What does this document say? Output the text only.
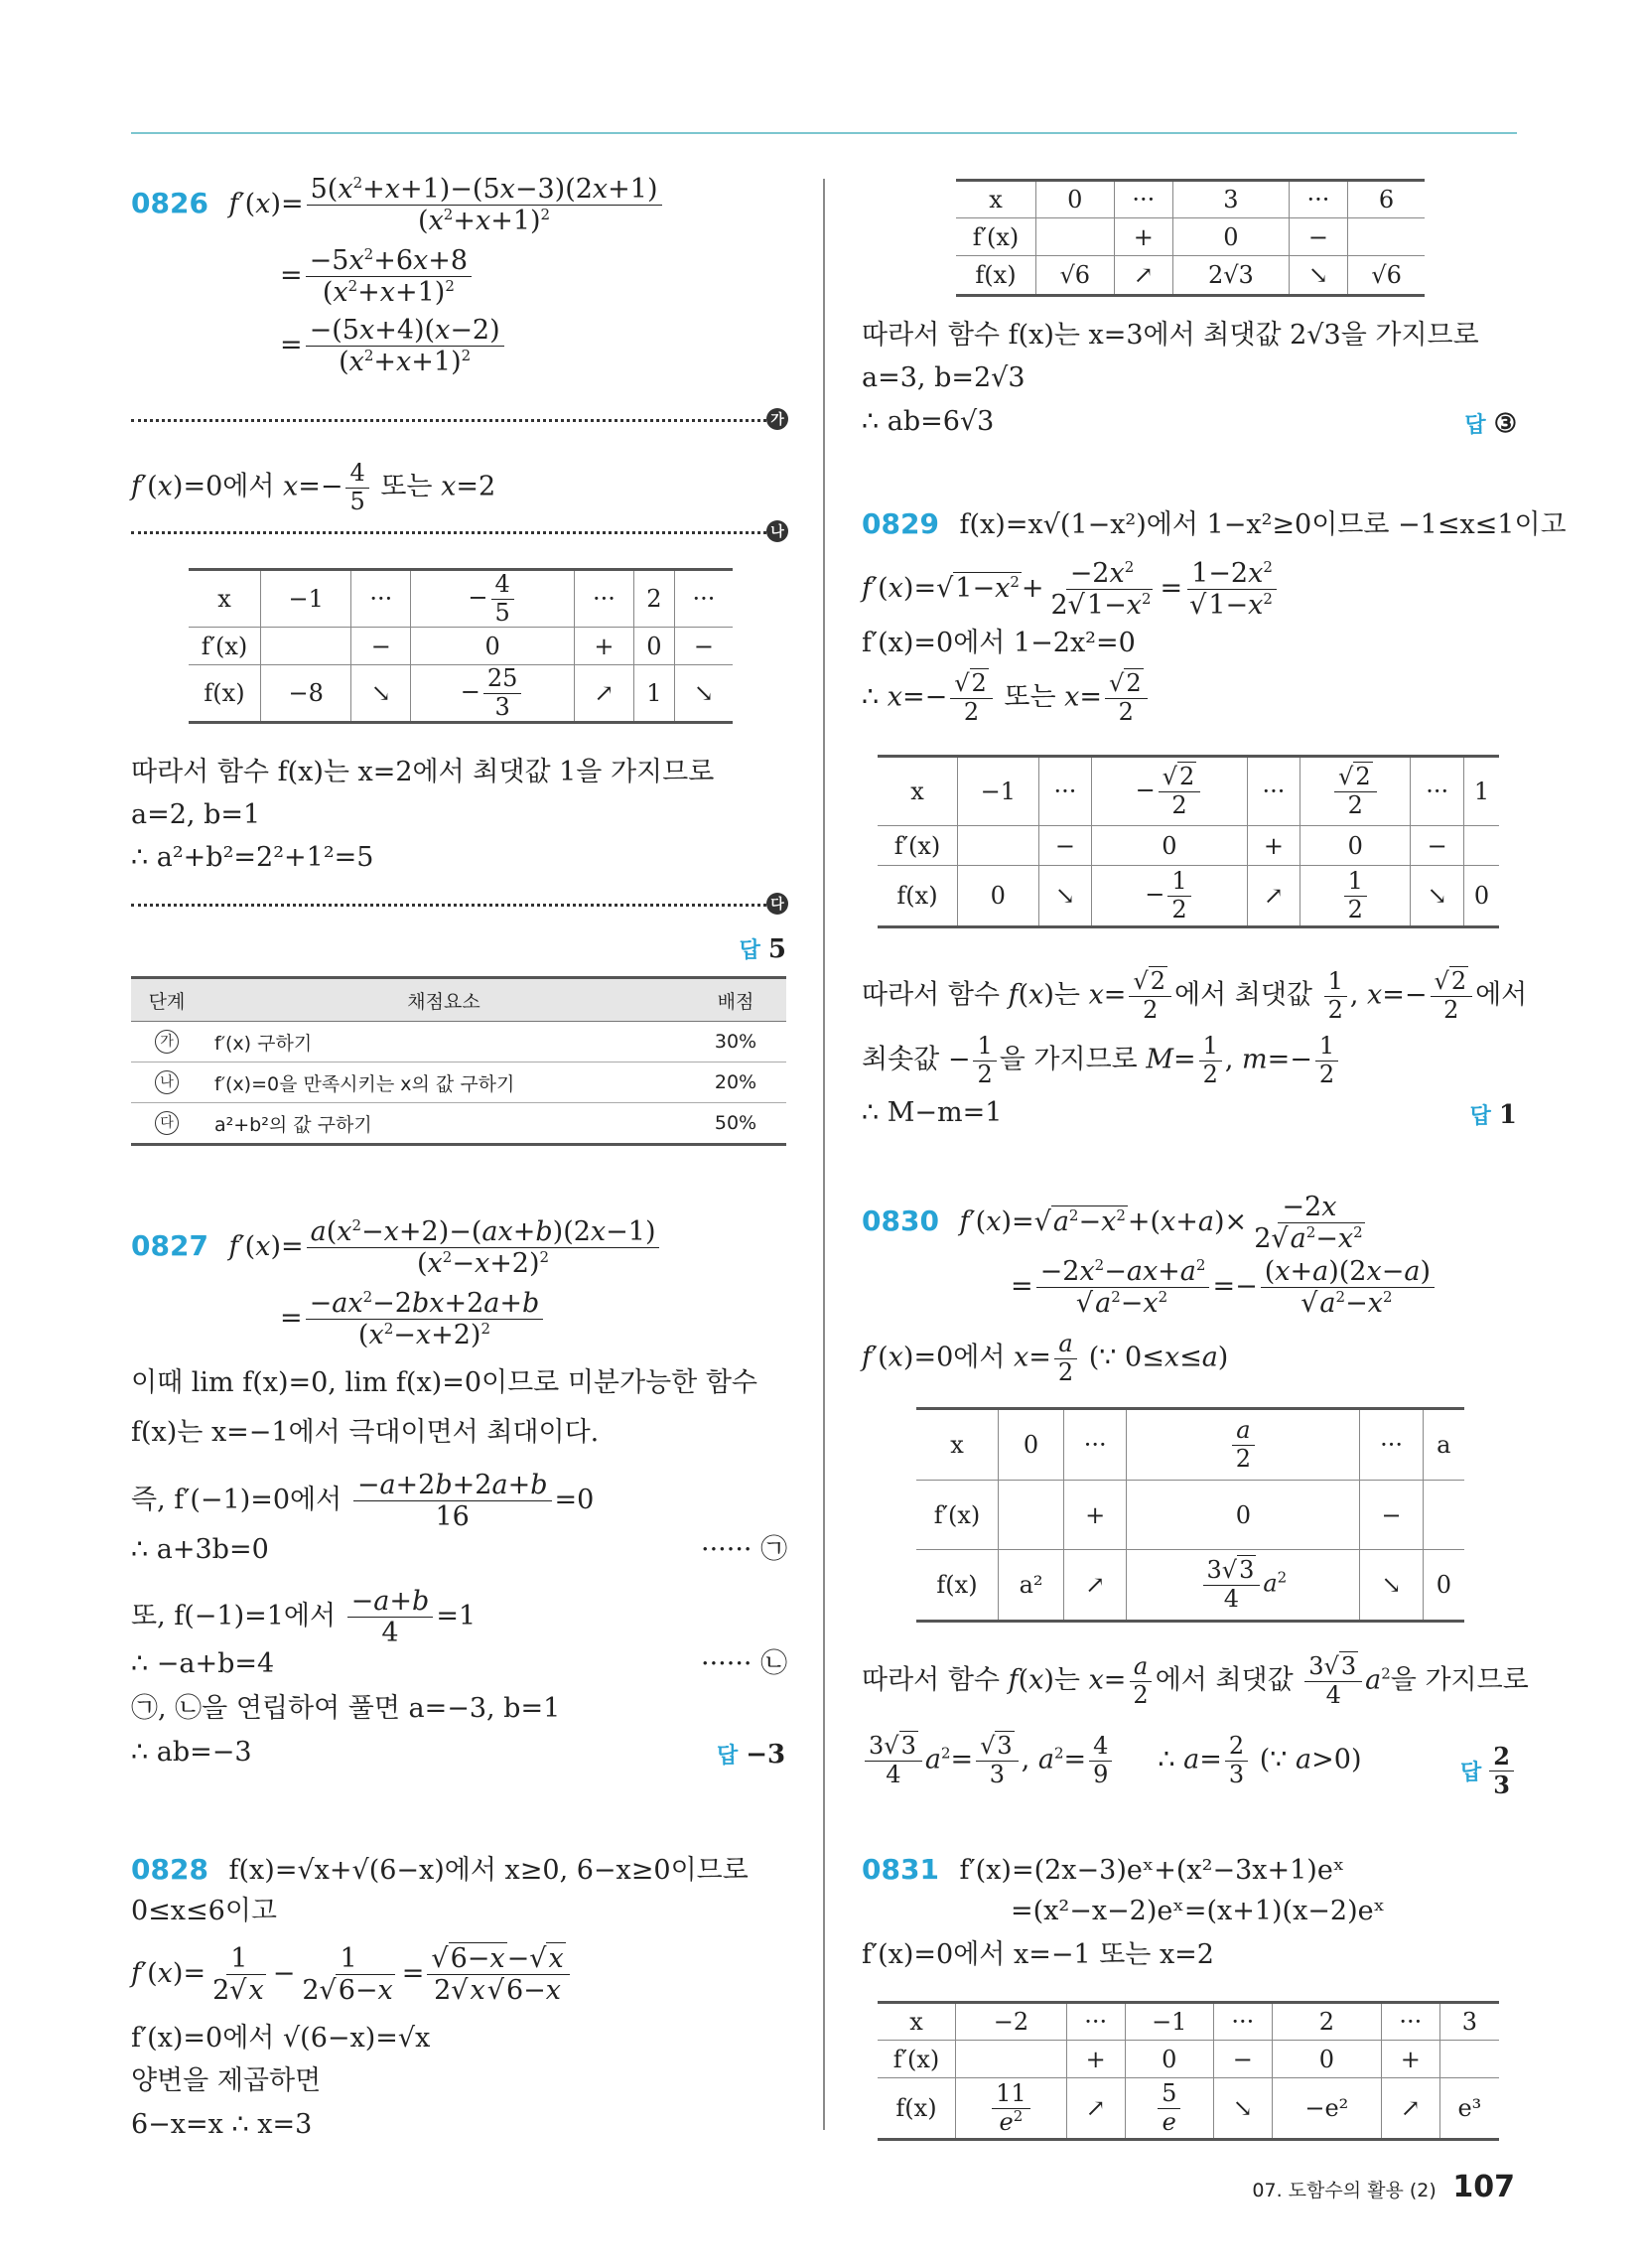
0826 $f'(x)= \frac{5(x^2+x+1)-(5x-3)(2x+1)}{(x^2+x+1)^2}$
= $\frac{-5x^2+6x+8}{(x^2+x+1)^2}$
= $\frac{-(5x+4)(x-2)}{(x^2+x+1)^2}$
가
f′(x)=0에서 $x=- \frac{4}{5}$ 또는 x=2
나
x	−1	···	− $\frac{4}{5}$	···	2	···
f′(x)		−	0	+	0	−
f(x)	−8	↘	− $\frac{25}{3}$	↗	1	↘
따라서 함수 f(x)는 x=2에서 최댓값 1을 가지므로
a=2, b=1
∴ a²+b²=2²+1²=5
다
답 5
단계	채점요소	배점
가	f′(x) 구하기	30%
나	f′(x)=0을 만족시키는 x의 값 구하기	20%
다	a²+b²의 값 구하기	50%
0827 $f'(x)= \frac{a(x^2-x+2)-(ax+b)(2x-1)}{(x^2-x+2)^2}$
= $\frac{-ax^2-2bx+2a+b}{(x^2-x+2)^2}$
이때 lim f(x)=0, lim f(x)=0이므로 미분가능한 함수
f(x)는 x=−1에서 극대이면서 최대이다.
즉, f′(−1)=0에서 $\frac{-a+2b+2a+b}{16} =0$
∴ a+3b=0	······ ㉠
또, f(−1)=1에서 $\frac{-a+b}{4} =1$
∴ −a+b=4	······ ㉡
㉠, ㉡을 연립하여 풀면 a=−3, b=1
∴ ab=−3	답 −3
0828 f(x)=√x+√(6−x)에서 x≥0, 6−x≥0이므로
0≤x≤6이고
$f'(x)= \frac{1}{2√x} - \frac{1}{2√6-x} = \frac{√6-x-√x}{2√x√6-x}$
f′(x)=0에서 √(6−x)=√x
양변을 제곱하면
6−x=x ∴ x=3
x	0	···	3	···	6
f′(x)		+	0	−	
f(x)	√6	↗	2√3	↘	√6
따라서 함수 f(x)는 x=3에서 최댓값 2√3을 가지므로
a=3, b=2√3
∴ ab=6√3	답 ③
0829 f(x)=x√(1−x²)에서 1−x²≥0이므로 −1≤x≤1이고
$f'(x)=√1-x^2+ \frac{-2x^2}{2√1-x^2} = \frac{1-2x^2}{√1-x^2}$
f′(x)=0에서 1−2x²=0
∴ $x=- \frac{√2}{2}$ 또는 $x= \frac{√2}{2}$
x	−1	···	− $\frac{√2}{2}$	···	$\frac{√2}{2}$	···	1
f′(x)		−	0	+	0	−	
f(x)	0	↘	− $\frac{1}{2}$	↗	$\frac{1}{2}$	↘	0
따라서 함수 f(x)는 $x= \frac{√2}{2}$ 에서 최댓값 $\frac{1}{2}$ , $x=- \frac{√2}{2}$ 에서
최솟값 − $\frac{1}{2}$ 을 가지므로 $M= \frac{1}{2}$ , $m=- \frac{1}{2}$
∴ M−m=1	답 1
0830 $f'(x)=√a^2-x^2+(x+a)\times \frac{-2x}{2√a^2-x^2}$
= $\frac{-2x^2-ax+a^2}{√a^2-x^2} =- \frac{(x+a)(2x-a)}{√a^2-x^2}$
f′(x)=0에서 $x= \frac{a}{2}$ (∵ 0≤x≤a)
x	0	···	$\frac{a}{2}$	···	a
f′(x)		+	0	−	
f(x)	a²	↗	$\frac{3√3}{4} a^2$	↘	0
따라서 함수 f(x)는 $x= \frac{a}{2}$ 에서 최댓값 $\frac{3√3}{4} a^2$을 가지므로
$\frac{3√3}{4} a^2= \frac{√3}{3}$ , $a^2= \frac{4}{9}$ ∴ $a= \frac{2}{3}$ (∵ a>0)	답 $\frac{2}{3}$
0831 f′(x)=(2x−3)eˣ+(x²−3x+1)eˣ
=(x²−x−2)eˣ=(x+1)(x−2)eˣ
f′(x)=0에서 x=−1 또는 x=2
x	−2	···	−1	···	2	···	3
f′(x)		+	0	−	0	+	
f(x)	$\frac{11}{e^2}$	↗	$\frac{5}{e}$	↘	−e²	↗	e³
07. 도함수의 활용 (2) 107
